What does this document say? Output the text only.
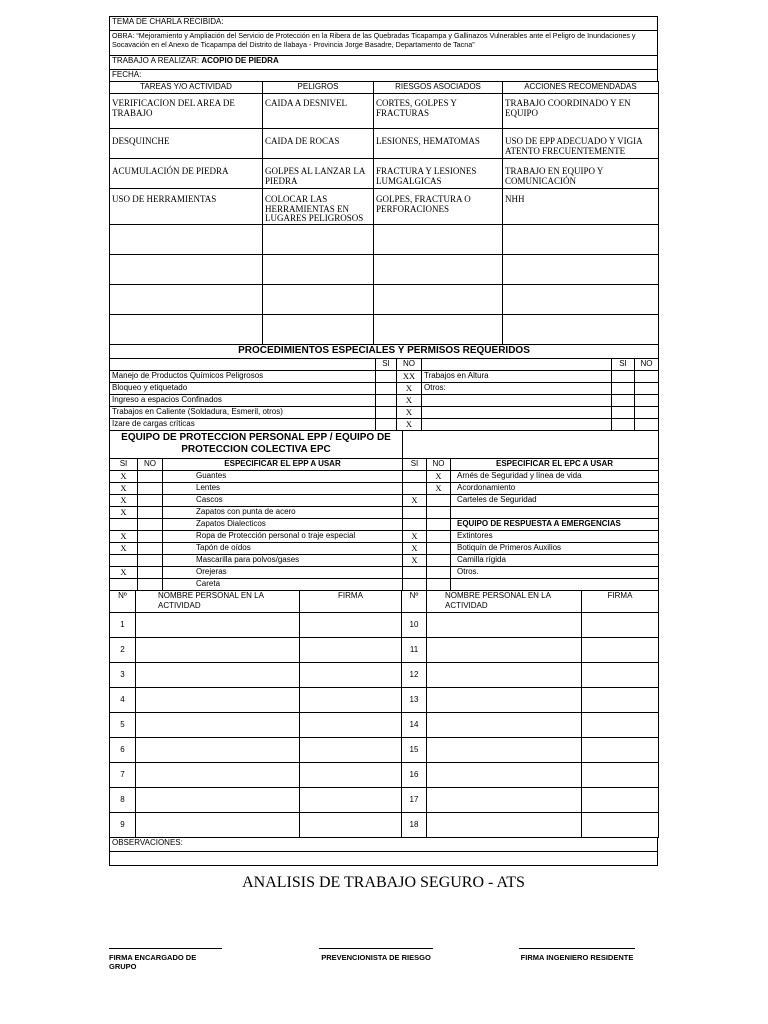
TEMA DE CHARLA RECIBIDA:
OBRA: “Mejoramiento y Ampliación del Servicio de Protección en la Ribera de las Quebradas Ticapampa y Gallinazos Vulnerables ante el Peligro de Inundaciones y Socavación en el Anexo de Ticapampa del Distrito de Ilabaya - Provincia Jorge Basadre, Departamento de Tacna”
TRABAJO A REALIZAR: ACOPIO DE PIEDRA
FECHA:
TAREAS Y/O ACTIVIDAD	PELIGROS	RIESGOS ASOCIADOS	ACCIONES RECOMENDADAS
VERIFICACION DEL AREA DE TRABAJO	CAIDA A DESNIVEL	CORTES, GOLPES Y FRACTURAS	TRABAJO COORDINADO Y EN EQUIPO
DESQUINCHE	CAIDA DE ROCAS	LESIONES, HEMATOMAS	USO DE EPP ADECUADO Y VIGIA ATENTO FRECUENTEMENTE
ACUMULACIÓN DE PIEDRA	GOLPES AL LANZAR LA PIEDRA	FRACTURA Y LESIONES LUMGALGICAS	TRABAJO EN EQUIPO Y COMUNICACIÓN
USO DE HERRAMIENTAS	COLOCAR LAS HERRAMIENTAS EN LUGARES PELIGROSOS	GOLPES, FRACTURA O PERFORACIONES	NHH

PROCEDIMIENTOS ESPECIALES Y PERMISOS REQUERIDOS					
	SI	NO		SI	NO
Manejo de Productos Químicos Peligrosos		XX	Trabajos en Altura		
Bloqueo y etiquetado		X	Otros:		
Ingreso a espacios Confinados		X			
Trabajos en Caliente (Soldadura, Esmeril, otros)		X			
Izare de cargas críticas		X			
EQUIPO DE PROTECCION PERSONAL EPP / EQUIPO DE
PROTECCION COLECTIVA EPC					

SI	NO	ESPECIFICAR EL EPP A USAR	SI	NO	ESPECIFICAR EL EPC A USAR
X		Guantes		X	Arnés de Seguridad y línea de vida
X		Lentes		X	Acordonamiento
X		Cascos	X		Carteles de Seguridad
X		Zapatos con punta de acero			
		Zapatos Dialecticos			EQUIPO DE RESPUESTA A EMERGENCIAS
X		Ropa de Protección personal o traje especial	X		Extintores
X		Tapón de oídos	X		Botiquín de Primeros Auxilios
		Mascarilla para polvos/gases	X		Camilla rígida
X		Orejeras			Otros.
		Careta			
Nº	NOMBRE PERSONAL EN LA ACTIVIDAD	FIRMA	Nº	NOMBRE PERSONAL EN LA ACTIVIDAD	FIRMA
1			10		
2			11		
3			12		
4			13		
5			14		
6			15		
7			16		
8			17		
9			18		
OBSERVACIONES:

ANALISIS DE TRABAJO SEGURO - ATS
FIRMA ENCARGADO DE GRUPO
PREVENCIONISTA DE RIESGO	FIRMA INGENIERO RESIDENTE
